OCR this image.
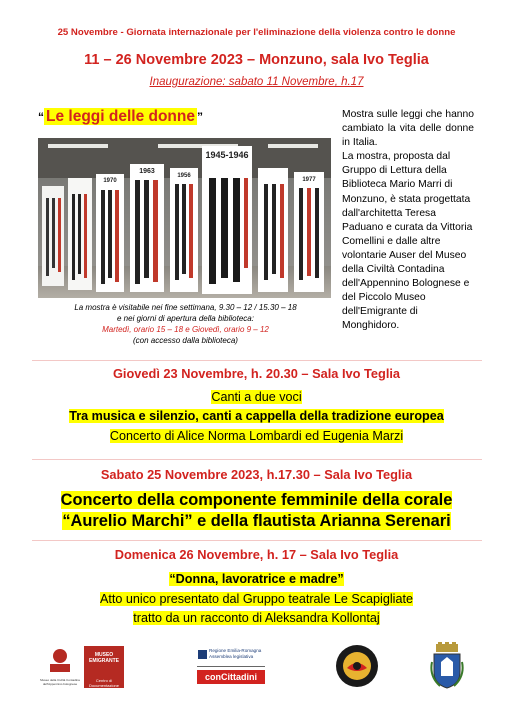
25 Novembre - Giornata internazionale per l'eliminazione della violenza contro le donne
11 – 26 Novembre 2023 – Monzuno, sala Ivo Teglia
Inaugurazione: sabato 11 Novembre, h.17
“ Le leggi delle donne ”
1970
1963
1956
1945-1946
1977
La mostra è visitabile nei fine settimana, 9.30 – 12 / 15.30 – 18
e nei giorni di apertura della biblioteca:
Martedì, orario 15 – 18 e Giovedì, orario 9 – 12
(con accesso dalla biblioteca)

Mostra sulle leggi che hanno cambiato la vita delle donne in Italia.

La mostra, proposta dal Gruppo di Lettura della Biblioteca Mario Marri di Monzuno, è stata progettata dall'architetta Teresa Paduano e curata da Vittoria Comellini e dalle altre volontarie Auser del Museo della Civiltà Contadina dell'Appennino Bolognese e del Piccolo Museo dell'Emigrante di Monghidoro.

Giovedì 23 Novembre, h. 20.30 – Sala Ivo Teglia
Canti a due voci
Tra musica e silenzio, canti a cappella della tradizione europea
Concerto di Alice Norma Lombardi ed Eugenia Marzi
Sabato 25 Novembre 2023, h.17.30 – Sala Ivo Teglia
Concerto della componente femminile della corale
“Aurelio Marchi” e della flautista Arianna Serenari
Domenica 26 Novembre, h. 17 – Sala Ivo Teglia
“Donna, lavoratrice e madre”
Atto unico presentato dal Gruppo teatrale Le Scapigliate
tratto da un racconto di Aleksandra Kollontaj
Museo della Civiltà Contadina
dell'Appennino bolognese
MUSEO EMIGRANTE
Centro di Documentazione
Regione Emilia-Romagna Assemblea legislativa
conCittadini
